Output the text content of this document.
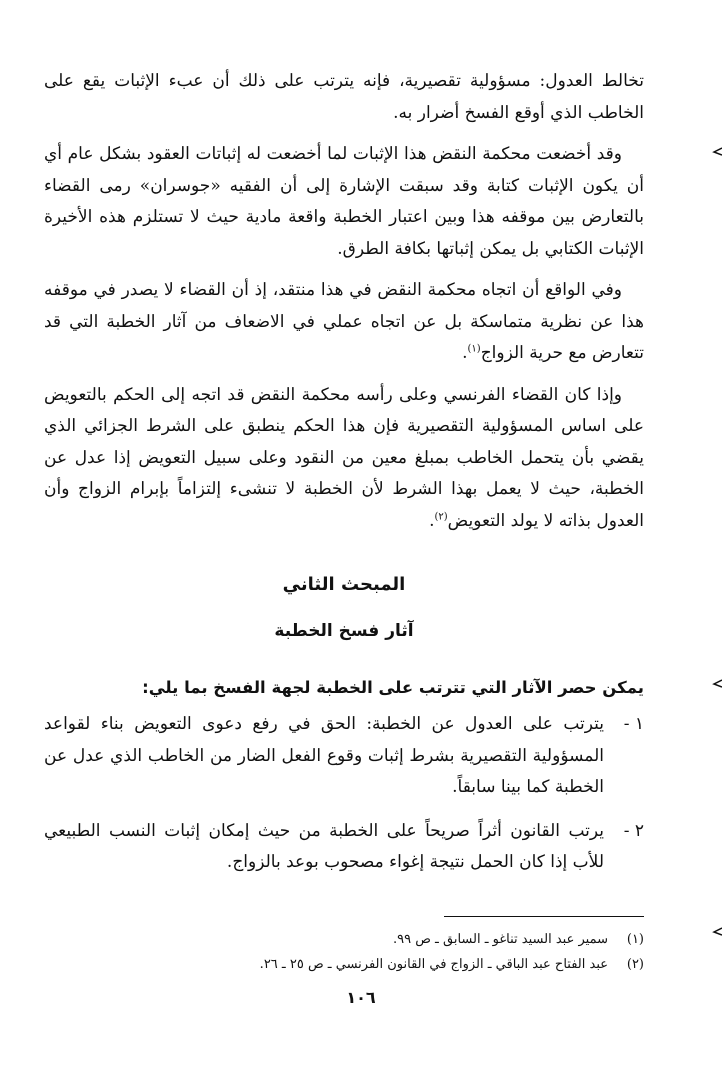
تخالط العدول: مسؤولية تقصيرية، فإنه يترتب على ذلك أن عبء الإثبات يقع على الخاطب الذي أوقع الفسخ أضرار به.

وقد أخضعت محكمة النقض هذا الإثبات لما أخضعت له إثباتات العقود بشكل عام أي أن يكون الإثبات كتابة وقد سبقت الإشارة إلى أن الفقيه «جوسران» رمى القضاء بالتعارض بين موقفه هذا وبين اعتبار الخطبة واقعة مادية حيث لا تستلزم هذه الأخيرة الإثبات الكتابي بل يمكن إثباتها بكافة الطرق.

وفي الواقع أن اتجاه محكمة النقض في هذا منتقد، إذ أن القضاء لا يصدر في موقفه هذا عن نظرية متماسكة بل عن اتجاه عملي في الاضعاف من آثار الخطبة التي قد تتعارض مع حرية الزواج$^{(١)}$.

وإذا كان القضاء الفرنسي وعلى رأسه محكمة النقض قد اتجه إلى الحكم بالتعويض على اساس المسؤولية التقصيرية فإن هذا الحكم ينطبق على الشرط الجزائي الذي يقضي بأن يتحمل الخاطب بمبلغ معين من النقود وعلى سبيل التعويض إذا عدل عن الخطبة، حيث لا يعمل بهذا الشرط لأن الخطبة لا تنشىء إلتزاماً بإبرام الزواج وأن العدول بذاته لا يولد التعويض$^{(٢)}$.

المبحث الثاني
آثار فسخ الخطبة

يمكن حصر الآثار التي تترتب على الخطبة لجهة الفسخ بما يلي:

١ -
يترتب على العدول عن الخطبة: الحق في رفع دعوى التعويض بناء لقواعد المسؤولية التقصيرية بشرط إثبات وقوع الفعل الضار من الخاطب الذي عدل عن الخطبة كما بينا سابقاً.
٢ -
يرتب القانون أثراً صريحاً على الخطبة من حيث إمكان إثبات النسب الطبيعي للأب إذا كان الحمل نتيجة إغواء مصحوب بوعد بالزواج.
(١)
سمير عبد السيد تناغو ـ السابق ـ ص ٩٩.
(٢)
عبد الفتاح عبد الباقي ـ الزواج في القانون الفرنسي ـ ص ٢٥ ـ ٢٦.
١٠٦
